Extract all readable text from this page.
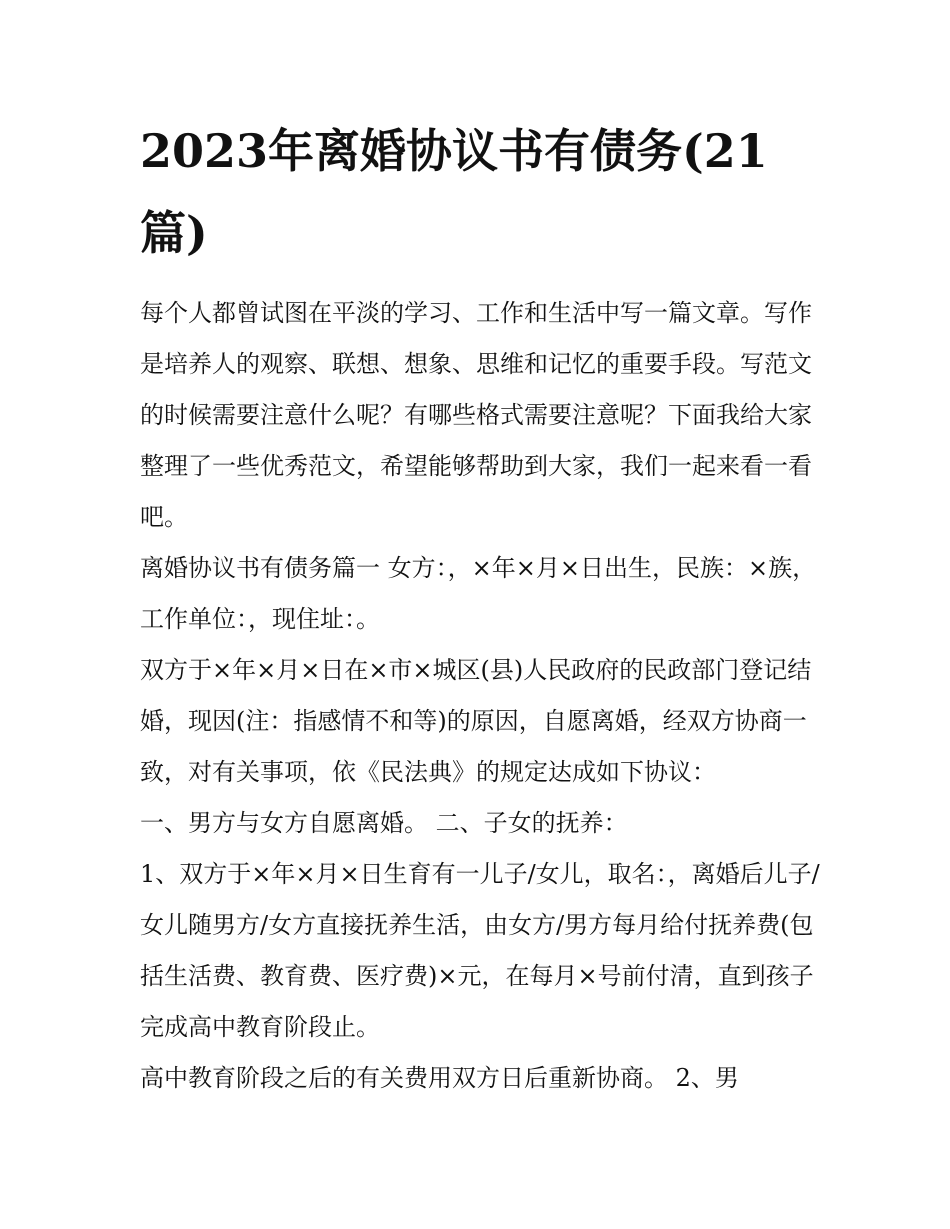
2023年离婚协议书有债务(21篇)

每个人都曾试图在平淡的学习、工作和生活中写一篇文章。写作是培养人的观察、联想、想象、思维和记忆的重要手段。写范文的时候需要注意什么呢？有哪些格式需要注意呢？下面我给大家整理了一些优秀范文，希望能够帮助到大家，我们一起来看一看吧。

离婚协议书有债务篇一 女方：，×年×月×日出生，民族：×族，工作单位：，现住址：。

双方于×年×月×日在×市×城区(县)人民政府的民政部门登记结婚，现因(注：指感情不和等)的原因，自愿离婚，经双方协商一致，对有关事项，依《民法典》的规定达成如下协议：

一、男方与女方自愿离婚。 二、子女的抚养：

1、双方于×年×月×日生育有一儿子/女儿，取名：，离婚后儿子/女儿随男方/女方直接抚养生活，由女方/男方每月给付抚养费(包括生活费、教育费、医疗费)×元，在每月×号前付清，直到孩子完成高中教育阶段止。

高中教育阶段之后的有关费用双方日后重新协商。 2、男
